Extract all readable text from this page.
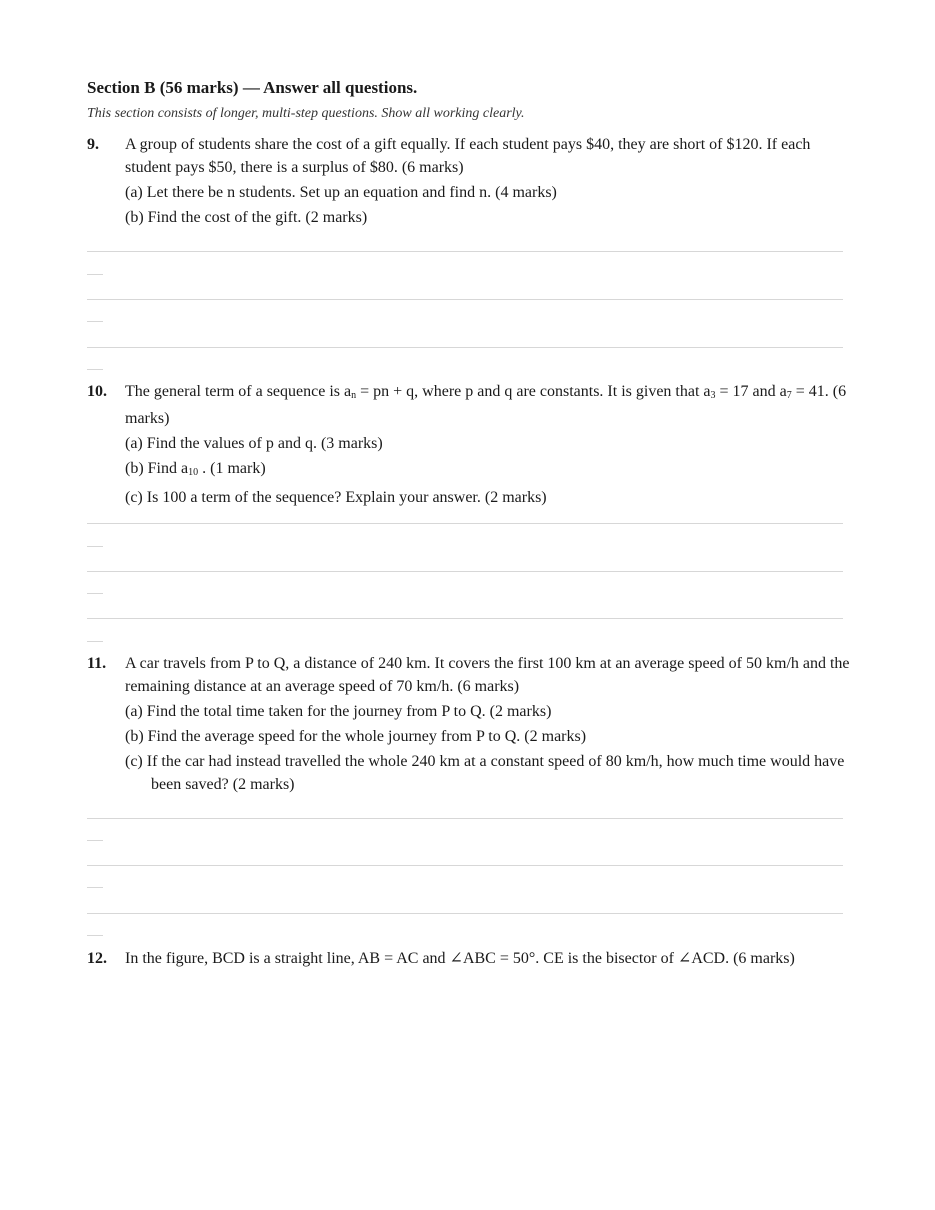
Section B (56 marks) — Answer all questions.
This section consists of longer, multi-step questions. Show all working clearly.
9. A group of students share the cost of a gift equally. If each student pays $40, they are short of $120. If each student pays $50, there is a surplus of $80. (6 marks)

(a) Let there be n students. Set up an equation and find n. (4 marks)

(b) Find the cost of the gift. (2 marks)

10. The general term of a sequence is $a_n$ = pn + q, where p and q are constants. It is given that $a_3 = 17$ and $a_7 = 41$. (6 marks)

(a) Find the values of p and q. (3 marks)

(b) Find $a_{10}$ . (1 mark)

(c) Is 100 a term of the sequence? Explain your answer. (2 marks)

11. A car travels from P to Q, a distance of 240 km. It covers the first 100 km at an average speed of 50 km/h and the remaining distance at an average speed of 70 km/h. (6 marks)

(a) Find the total time taken for the journey from P to Q. (2 marks)

(b) Find the average speed for the whole journey from P to Q. (2 marks)

(c) If the car had instead travelled the whole 240 km at a constant speed of 80 km/h, how much time would have been saved? (2 marks)

12. In the figure, BCD is a straight line, AB = AC and ∠ABC = 50°. CE is the bisector of ∠ACD. (6 marks)
